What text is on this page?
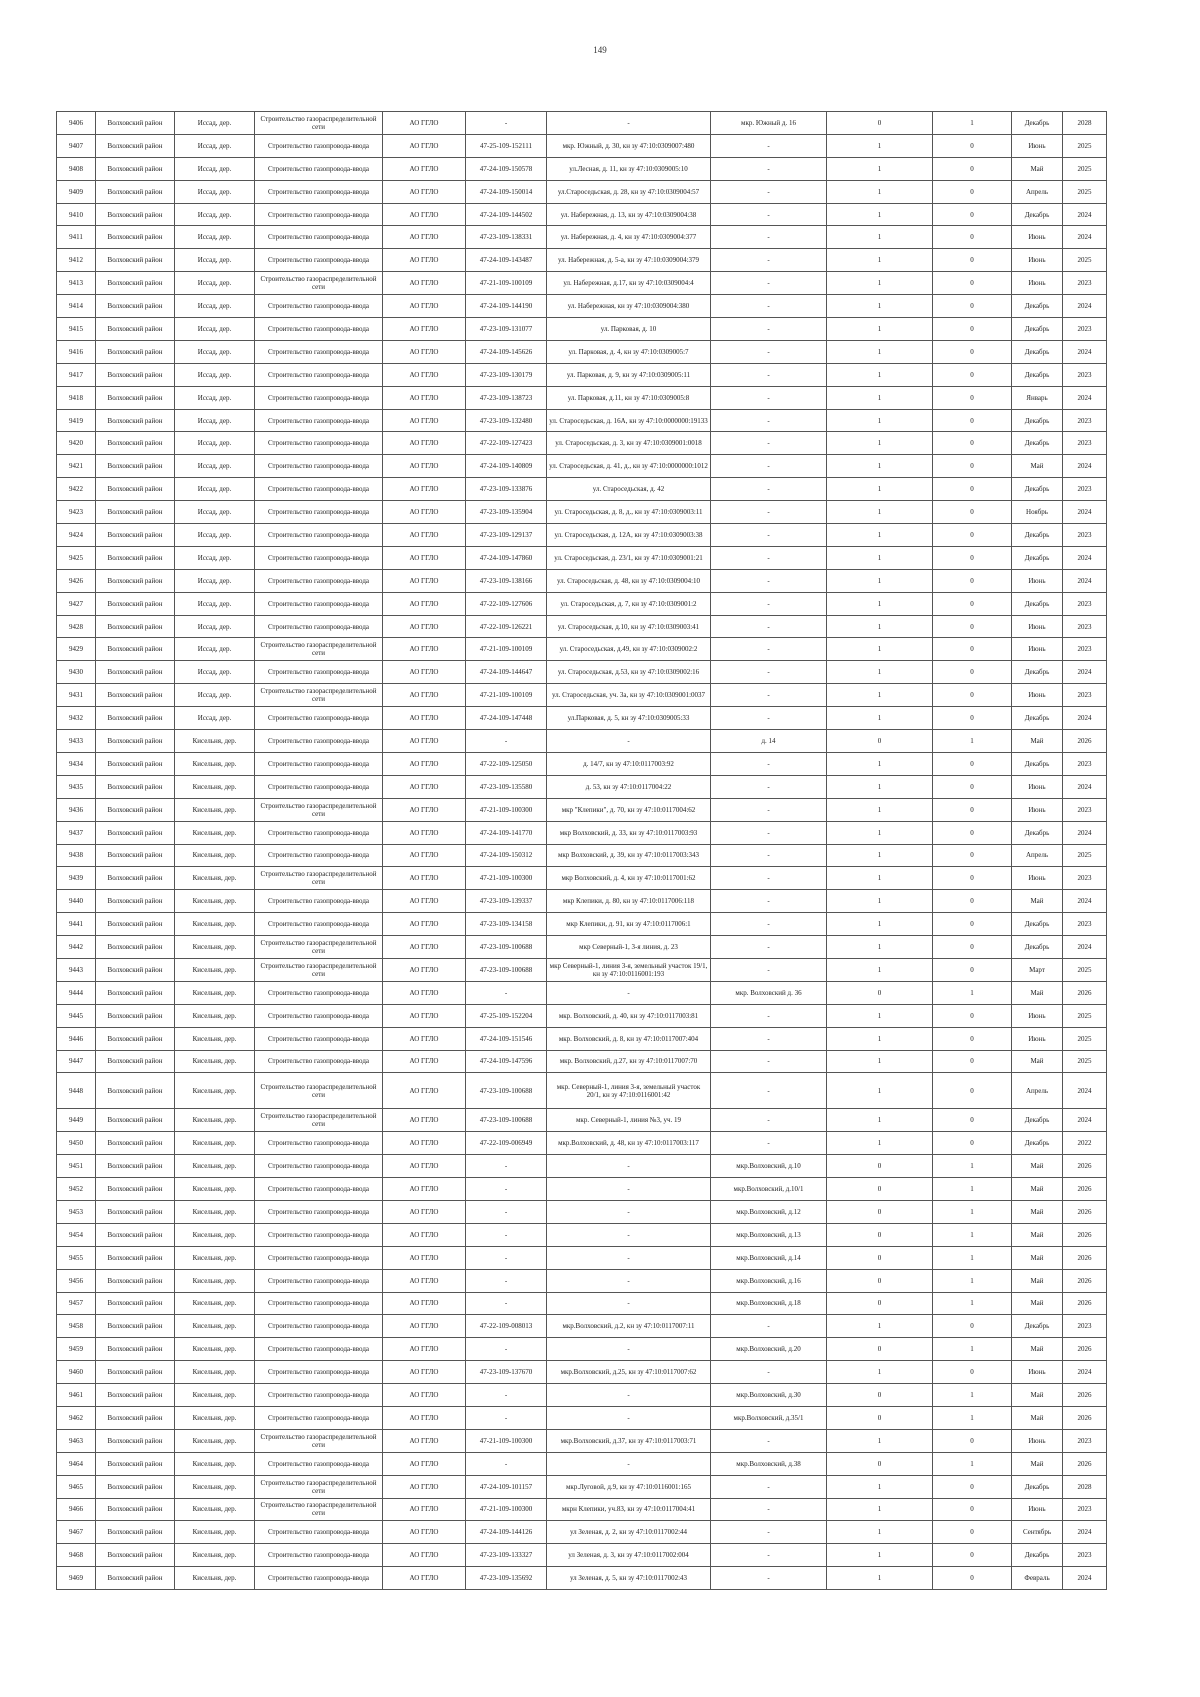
149
9406	Волховский район	Иссад, дер.	Строительство газораспределительной сети	АО ГГЛО	-	-	мкр. Южный д. 16	0	1	Декабрь	2028
9407	Волховский район	Иссад, дер.	Строительство газопровода-ввода	АО ГГЛО	47-25-109-152111	мкр. Южный, д. 30, кн зу 47:10:0309007:480	-	1	0	Июнь	2025
9408	Волховский район	Иссад, дер.	Строительство газопровода-ввода	АО ГГЛО	47-24-109-150578	ул.Лесная, д. 11, кн зу 47:10:0309005:10	-	1	0	Май	2025
9409	Волховский район	Иссад, дер.	Строительство газопровода-ввода	АО ГГЛО	47-24-109-150014	ул.Староседьская, д. 28, кн зу 47:10:0309004:57	-	1	0	Апрель	2025
9410	Волховский район	Иссад, дер.	Строительство газопровода-ввода	АО ГГЛО	47-24-109-144502	ул. Набережная, д. 13, кн зу 47:10:0309004:38	-	1	0	Декабрь	2024
9411	Волховский район	Иссад, дер.	Строительство газопровода-ввода	АО ГГЛО	47-23-109-138331	ул. Набережная, д. 4, кн зу 47:10:0309004:377	-	1	0	Июнь	2024
9412	Волховский район	Иссад, дер.	Строительство газопровода-ввода	АО ГГЛО	47-24-109-143487	ул. Набережная, д. 5-а, кн зу 47:10:0309004:379	-	1	0	Июнь	2025
9413	Волховский район	Иссад, дер.	Строительство газораспределительной сети	АО ГГЛО	47-21-109-100109	ул. Набережная, д.17, кн зу 47:10:0309004:4	-	1	0	Июнь	2023
9414	Волховский район	Иссад, дер.	Строительство газопровода-ввода	АО ГГЛО	47-24-109-144190	ул. Набережная, кн зу 47:10:0309004:380	-	1	0	Декабрь	2024
9415	Волховский район	Иссад, дер.	Строительство газопровода-ввода	АО ГГЛО	47-23-109-131077	ул. Парковая, д. 10	-	1	0	Декабрь	2023
9416	Волховский район	Иссад, дер.	Строительство газопровода-ввода	АО ГГЛО	47-24-109-145626	ул. Парковая, д. 4, кн зу 47:10:0309005:7	-	1	0	Декабрь	2024
9417	Волховский район	Иссад, дер.	Строительство газопровода-ввода	АО ГГЛО	47-23-109-130179	ул. Парковая, д. 9, кн зу 47:10:0309005:11	-	1	0	Декабрь	2023
9418	Волховский район	Иссад, дер.	Строительство газопровода-ввода	АО ГГЛО	47-23-109-138723	ул. Парковая, д.11, кн зу 47:10:0309005:8	-	1	0	Январь	2024
9419	Волховский район	Иссад, дер.	Строительство газопровода-ввода	АО ГГЛО	47-23-109-132480	ул. Староседьская, д. 16А, кн зу 47:10:0000000:19133	-	1	0	Декабрь	2023
9420	Волховский район	Иссад, дер.	Строительство газопровода-ввода	АО ГГЛО	47-22-109-127423	ул. Староседьская, д. 3, кн зу 47:10:0309001:0018	-	1	0	Декабрь	2023
9421	Волховский район	Иссад, дер.	Строительство газопровода-ввода	АО ГГЛО	47-24-109-140809	ул. Староседьская, д. 41, д., кн зу 47:10:0000000:1012	-	1	0	Май	2024
9422	Волховский район	Иссад, дер.	Строительство газопровода-ввода	АО ГГЛО	47-23-109-133876	ул. Староседьская, д. 42	-	1	0	Декабрь	2023
9423	Волховский район	Иссад, дер.	Строительство газопровода-ввода	АО ГГЛО	47-23-109-135904	ул. Староседьская, д. 8, д., кн зу 47:10:0309003:11	-	1	0	Ноябрь	2024
9424	Волховский район	Иссад, дер.	Строительство газопровода-ввода	АО ГГЛО	47-23-109-129137	ул. Староседьская, д. 12А, кн зу 47:10:0309003:38	-	1	0	Декабрь	2023
9425	Волховский район	Иссад, дер.	Строительство газопровода-ввода	АО ГГЛО	47-24-109-147860	ул. Староседьская, д. 23/1, кн зу 47:10:0309001:21	-	1	0	Декабрь	2024
9426	Волховский район	Иссад, дер.	Строительство газопровода-ввода	АО ГГЛО	47-23-109-138166	ул. Староседьская, д. 48, кн зу 47:10:0309004:10	-	1	0	Июнь	2024
9427	Волховский район	Иссад, дер.	Строительство газопровода-ввода	АО ГГЛО	47-22-109-127606	ул. Староседьская, д. 7, кн зу 47:10:0309001:2	-	1	0	Декабрь	2023
9428	Волховский район	Иссад, дер.	Строительство газопровода-ввода	АО ГГЛО	47-22-109-126221	ул. Староседьская, д.10, кн зу 47:10:0309003:41	-	1	0	Июнь	2023
9429	Волховский район	Иссад, дер.	Строительство газораспределительной сети	АО ГГЛО	47-21-109-100109	ул. Староседьская, д.49, кн зу 47:10:0309002:2	-	1	0	Июнь	2023
9430	Волховский район	Иссад, дер.	Строительство газопровода-ввода	АО ГГЛО	47-24-109-144647	ул. Староседьская, д.53, кн зу 47:10:0309002:16	-	1	0	Декабрь	2024
9431	Волховский район	Иссад, дер.	Строительство газораспределительной сети	АО ГГЛО	47-21-109-100109	ул. Староседьская, уч. 3а, кн зу 47:10:0309001:0037	-	1	0	Июнь	2023
9432	Волховский район	Иссад, дер.	Строительство газопровода-ввода	АО ГГЛО	47-24-109-147448	ул.Парковая, д. 5, кн зу 47:10:0309005:33	-	1	0	Декабрь	2024
9433	Волховский район	Кисельня, дер.	Строительство газопровода-ввода	АО ГГЛО	-	-	д. 14	0	1	Май	2026
9434	Волховский район	Кисельня, дер.	Строительство газопровода-ввода	АО ГГЛО	47-22-109-125050	д. 14/7, кн зу 47:10:0117003:92	-	1	0	Декабрь	2023
9435	Волховский район	Кисельня, дер.	Строительство газопровода-ввода	АО ГГЛО	47-23-109-135580	д. 53, кн зу 47:10:0117004:22	-	1	0	Июнь	2024
9436	Волховский район	Кисельня, дер.	Строительство газораспределительной сети	АО ГГЛО	47-21-109-100300	мкр "Клепики", д. 70, кн зу 47:10:0117004:62	-	1	0	Июнь	2023
9437	Волховский район	Кисельня, дер.	Строительство газопровода-ввода	АО ГГЛО	47-24-109-141770	мкр Волховский, д. 33, кн зу 47:10:0117003:93	-	1	0	Декабрь	2024
9438	Волховский район	Кисельня, дер.	Строительство газопровода-ввода	АО ГГЛО	47-24-109-150312	мкр Волховский, д. 39, кн зу 47:10:0117003:343	-	1	0	Апрель	2025
9439	Волховский район	Кисельня, дер.	Строительство газораспределительной сети	АО ГГЛО	47-21-109-100300	мкр Волховский, д. 4, кн зу 47:10:0117001:62	-	1	0	Июнь	2023
9440	Волховский район	Кисельня, дер.	Строительство газопровода-ввода	АО ГГЛО	47-23-109-139337	мкр Клепики, д. 80, кн зу 47:10:0117006:118	-	1	0	Май	2024
9441	Волховский район	Кисельня, дер.	Строительство газопровода-ввода	АО ГГЛО	47-23-109-134158	мкр Клепики, д. 91, кн зу 47:10:0117006:1	-	1	0	Декабрь	2023
9442	Волховский район	Кисельня, дер.	Строительство газораспределительной сети	АО ГГЛО	47-23-109-100688	мкр Северный-1, 3-я линия, д. 23	-	1	0	Декабрь	2024
9443	Волховский район	Кисельня, дер.	Строительство газораспределительной сети	АО ГГЛО	47-23-109-100688	мкр Северный-1, линия 3-я, земельный участок 19/1, кн зу 47:10:0116001:193	-	1	0	Март	2025
9444	Волховский район	Кисельня, дер.	Строительство газопровода-ввода	АО ГГЛО	-	-	мкр. Волховский д. 36	0	1	Май	2026
9445	Волховский район	Кисельня, дер.	Строительство газопровода-ввода	АО ГГЛО	47-25-109-152204	мкр. Волховский, д. 40, кн зу 47:10:0117003:81	-	1	0	Июнь	2025
9446	Волховский район	Кисельня, дер.	Строительство газопровода-ввода	АО ГГЛО	47-24-109-151546	мкр. Волховский, д. 8, кн зу 47:10:0117007:404	-	1	0	Июнь	2025
9447	Волховский район	Кисельня, дер.	Строительство газопровода-ввода	АО ГГЛО	47-24-109-147596	мкр. Волховский, д.27, кн зу 47:10:0117007:70	-	1	0	Май	2025
9448	Волховский район	Кисельня, дер.	Строительство газораспределительной сети	АО ГГЛО	47-23-109-100688	мкр. Северный-1, линия 3-я, земельный участок 20/1, кн зу 47:10:0116001:42	-	1	0	Апрель	2024
9449	Волховский район	Кисельня, дер.	Строительство газораспределительной сети	АО ГГЛО	47-23-109-100688	мкр. Северный-1, линия №3, уч. 19	-	1	0	Декабрь	2024
9450	Волховский район	Кисельня, дер.	Строительство газопровода-ввода	АО ГГЛО	47-22-109-006949	мкр.Волховский, д. 48, кн зу 47:10:0117003:117	-	1	0	Декабрь	2022
9451	Волховский район	Кисельня, дер.	Строительство газопровода-ввода	АО ГГЛО	-	-	мкр.Волховский, д.10	0	1	Май	2026
9452	Волховский район	Кисельня, дер.	Строительство газопровода-ввода	АО ГГЛО	-	-	мкр.Волховский, д.10/1	0	1	Май	2026
9453	Волховский район	Кисельня, дер.	Строительство газопровода-ввода	АО ГГЛО	-	-	мкр.Волховский, д.12	0	1	Май	2026
9454	Волховский район	Кисельня, дер.	Строительство газопровода-ввода	АО ГГЛО	-	-	мкр.Волховский, д.13	0	1	Май	2026
9455	Волховский район	Кисельня, дер.	Строительство газопровода-ввода	АО ГГЛО	-	-	мкр.Волховский, д.14	0	1	Май	2026
9456	Волховский район	Кисельня, дер.	Строительство газопровода-ввода	АО ГГЛО	-	-	мкр.Волховский, д.16	0	1	Май	2026
9457	Волховский район	Кисельня, дер.	Строительство газопровода-ввода	АО ГГЛО	-	-	мкр.Волховский, д.18	0	1	Май	2026
9458	Волховский район	Кисельня, дер.	Строительство газопровода-ввода	АО ГГЛО	47-22-109-008013	мкр.Волховский, д.2, кн зу 47:10:0117007:11	-	1	0	Декабрь	2023
9459	Волховский район	Кисельня, дер.	Строительство газопровода-ввода	АО ГГЛО	-	-	мкр.Волховский, д.20	0	1	Май	2026
9460	Волховский район	Кисельня, дер.	Строительство газопровода-ввода	АО ГГЛО	47-23-109-137670	мкр.Волховский, д.25, кн зу 47:10:0117007:62	-	1	0	Июнь	2024
9461	Волховский район	Кисельня, дер.	Строительство газопровода-ввода	АО ГГЛО	-	-	мкр.Волховский, д.30	0	1	Май	2026
9462	Волховский район	Кисельня, дер.	Строительство газопровода-ввода	АО ГГЛО	-	-	мкр.Волховский, д.35/1	0	1	Май	2026
9463	Волховский район	Кисельня, дер.	Строительство газораспределительной сети	АО ГГЛО	47-21-109-100300	мкр.Волховский, д.37, кн зу 47:10:0117003:71	-	1	0	Июнь	2023
9464	Волховский район	Кисельня, дер.	Строительство газопровода-ввода	АО ГГЛО	-	-	мкр.Волховский, д.38	0	1	Май	2026
9465	Волховский район	Кисельня, дер.	Строительство газораспределительной сети	АО ГГЛО	47-24-109-101157	мкр.Луговой, д.9, кн зу 47:10:0116001:165	-	1	0	Декабрь	2028
9466	Волховский район	Кисельня, дер.	Строительство газораспределительной сети	АО ГГЛО	47-21-109-100300	мкрн Клепики, уч.83, кн зу 47:10:0117004:41	-	1	0	Июнь	2023
9467	Волховский район	Кисельня, дер.	Строительство газопровода-ввода	АО ГГЛО	47-24-109-144126	ул Зеленая, д. 2, кн зу 47:10:0117002:44	-	1	0	Сентябрь	2024
9468	Волховский район	Кисельня, дер.	Строительство газопровода-ввода	АО ГГЛО	47-23-109-133327	ул Зеленая, д. 3, кн зу 47:10:0117002:004	-	1	0	Декабрь	2023
9469	Волховский район	Кисельня, дер.	Строительство газопровода-ввода	АО ГГЛО	47-23-109-135692	ул Зеленая, д. 5, кн зу 47:10:0117002:43	-	1	0	Февраль	2024
